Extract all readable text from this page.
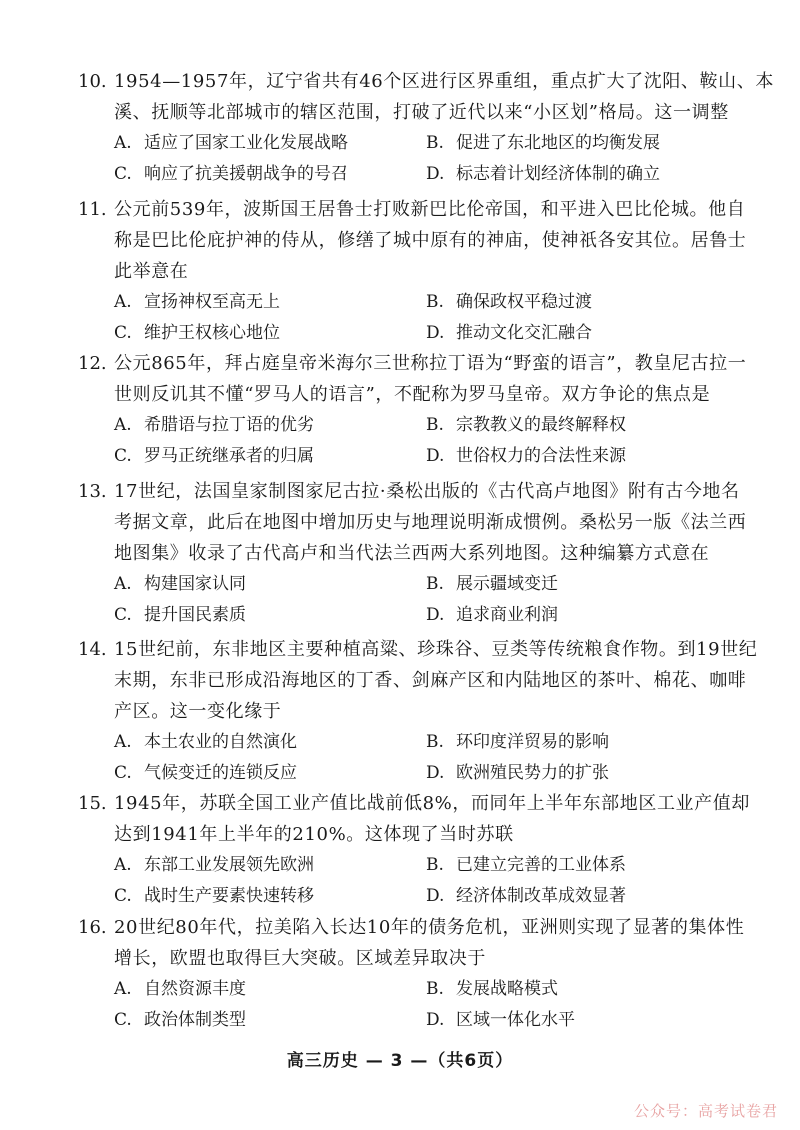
10. 1954—1957年，辽宁省共有46个区进行区界重组，重点扩大了沈阳、鞍山、本
溪、抚顺等北部城市的辖区范围，打破了近代以来“小区划”格局。这一调整
A. 适应了国家工业化发展战略	B. 促进了东北地区的均衡发展
C. 响应了抗美援朝战争的号召	D. 标志着计划经济体制的确立
11. 公元前539年，波斯国王居鲁士打败新巴比伦帝国，和平进入巴比伦城。他自
称是巴比伦庇护神的侍从，修缮了城中原有的神庙，使神祇各安其位。居鲁士
此举意在
A. 宣扬神权至高无上	B. 确保政权平稳过渡
C. 维护王权核心地位	D. 推动文化交汇融合
12. 公元865年，拜占庭皇帝米海尔三世称拉丁语为“野蛮的语言”，教皇尼古拉一
世则反讥其不懂“罗马人的语言”，不配称为罗马皇帝。双方争论的焦点是
A. 希腊语与拉丁语的优劣	B. 宗教教义的最终解释权
C. 罗马正统继承者的归属	D. 世俗权力的合法性来源
13. 17世纪，法国皇家制图家尼古拉·桑松出版的《古代高卢地图》附有古今地名
考据文章，此后在地图中增加历史与地理说明渐成惯例。桑松另一版《法兰西
地图集》收录了古代高卢和当代法兰西两大系列地图。这种编纂方式意在
A. 构建国家认同	B. 展示疆域变迁
C. 提升国民素质	D. 追求商业利润
14. 15世纪前，东非地区主要种植高粱、珍珠谷、豆类等传统粮食作物。到19世纪
末期，东非已形成沿海地区的丁香、剑麻产区和内陆地区的茶叶、棉花、咖啡
产区。这一变化缘于
A. 本土农业的自然演化	B. 环印度洋贸易的影响
C. 气候变迁的连锁反应	D. 欧洲殖民势力的扩张
15. 1945年，苏联全国工业产值比战前低8%，而同年上半年东部地区工业产值却
达到1941年上半年的210%。这体现了当时苏联
A. 东部工业发展领先欧洲	B. 已建立完善的工业体系
C. 战时生产要素快速转移	D. 经济体制改革成效显著
16. 20世纪80年代，拉美陷入长达10年的债务危机，亚洲则实现了显著的集体性
增长，欧盟也取得巨大突破。区域差异取决于
A. 自然资源丰度	B. 发展战略模式
C. 政治体制类型	D. 区域一体化水平
高三历史 — 3 —（共6页）
公众号：高考试卷君
